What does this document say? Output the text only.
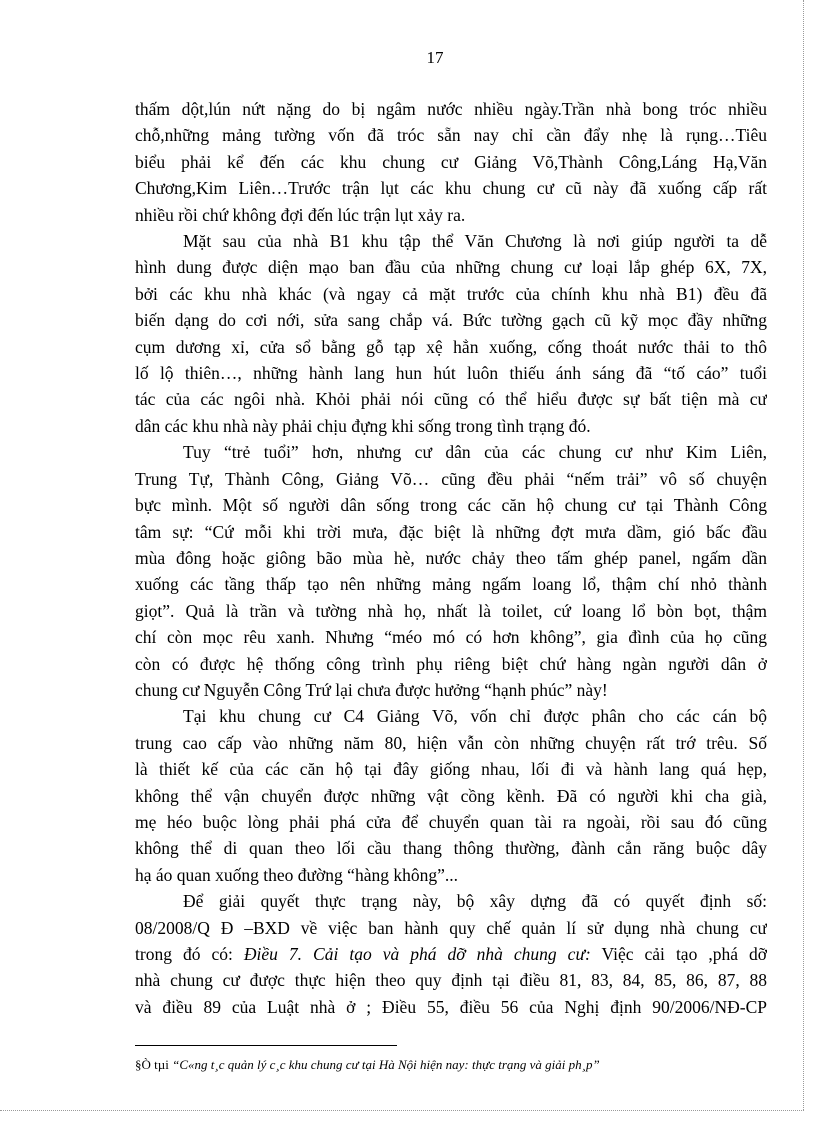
17
thấm dột,lún nứt nặng do bị ngâm nước nhiều ngày.Trần nhà bong tróc nhiều
chỗ,những mảng tường vốn đã tróc sẵn nay chỉ cần đẩy nhẹ là rụng…Tiêu
biểu phải kể đến các khu chung cư Giảng Võ,Thành Công,Láng Hạ,Văn
Chương,Kim Liên…Trước trận lụt các khu chung cư cũ này đã xuống cấp rất
nhiều rồi chứ không đợi đến lúc trận lụt xảy ra.
Mặt sau của nhà B1 khu tập thể Văn Chương là nơi giúp người ta dễ
hình dung được diện mạo ban đầu của những chung cư loại lắp ghép 6X, 7X,
bởi các khu nhà khác (và ngay cả mặt trước của chính khu nhà B1) đều đã
biến dạng do cơi nới, sửa sang chắp vá. Bức tường gạch cũ kỹ mọc đầy những
cụm dương xỉ, cửa sổ bằng gỗ tạp xệ hẳn xuống, cống thoát nước thải to thô
lố lộ thiên…, những hành lang hun hút luôn thiếu ánh sáng đã “tố cáo” tuổi
tác của các ngôi nhà. Khỏi phải nói cũng có thể hiểu được sự bất tiện mà cư
dân các khu nhà này phải chịu đựng khi sống trong tình trạng đó.
Tuy “trẻ tuổi” hơn, nhưng cư dân của các chung cư như Kim Liên,
Trung Tự, Thành Công, Giảng Võ… cũng đều phải “nếm trải” vô số chuyện
bực mình. Một số người dân sống trong các căn hộ chung cư tại Thành Công
tâm sự: “Cứ mỗi khi trời mưa, đặc biệt là những đợt mưa dầm, gió bấc đầu
mùa đông hoặc giông bão mùa hè, nước chảy theo tấm ghép panel, ngấm dần
xuống các tầng thấp tạo nên những mảng ngấm loang lổ, thậm chí nhỏ thành
giọt”. Quả là trần và tường nhà họ, nhất là toilet, cứ loang lổ bòn bọt, thậm
chí còn mọc rêu xanh. Nhưng “méo mó có hơn không”, gia đình của họ cũng
còn có được hệ thống công trình phụ riêng biệt chứ hàng ngàn người dân ở
chung cư Nguyễn Công Trứ lại chưa được hưởng “hạnh phúc” này!
Tại khu chung cư C4 Giảng Võ, vốn chỉ được phân cho các cán bộ
trung cao cấp vào những năm 80, hiện vẫn còn những chuyện rất trớ trêu. Số
là thiết kế của các căn hộ tại đây giống nhau, lối đi và hành lang quá hẹp,
không thể vận chuyển được những vật cồng kềnh. Đã có người khi cha già,
mẹ héo buộc lòng phải phá cửa để chuyển quan tài ra ngoài, rồi sau đó cũng
không thể di quan theo lối cầu thang thông thường, đành cắn răng buộc dây
hạ áo quan xuống theo đường “hàng không”...
Để giải quyết thực trạng này, bộ xây dựng đã có quyết định số:
08/2008/Q Đ –BXD về việc ban hành quy chế quản lí sử dụng nhà chung cư
trong đó có: Điều 7. Cải tạo và phá dỡ nhà chung cư: Việc cải tạo ,phá dỡ
nhà chung cư được thực hiện theo quy định tại điều 81, 83, 84, 85, 86, 87, 88
và điều 89 của Luật nhà ở ; Điều 55, điều 56 của Nghị định 90/2006/NĐ-CP
§Ò tµi “C«ng t¸c quản lý c¸c khu chung cư tại Hà Nội hiện nay: thực trạng và giải ph¸p”
